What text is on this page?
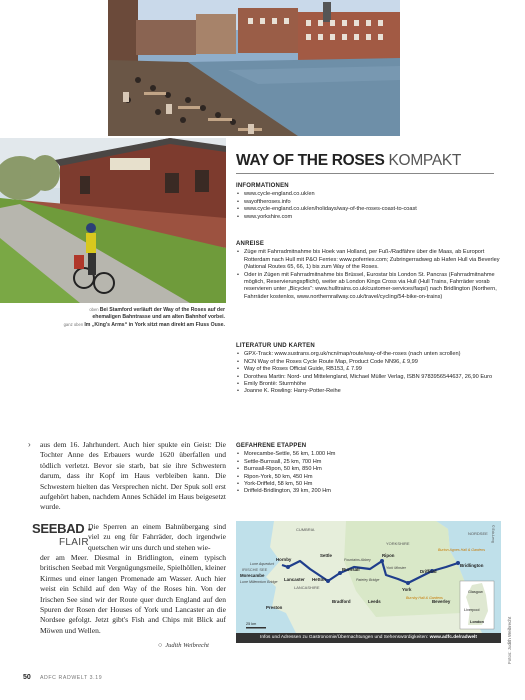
oben Bei Stamford verläuft der Way of the Roses auf der
ehemaligen Bahntrasse und am alten Bahnhof vorbei.
ganz oben Im „King's Arms“ in York sitzt man direkt am Fluss Ouse.
Fotos: Judith Weibrecht
WAY OF THE ROSES KOMPAKT
INFORMATIONEN
• www.cycle-england.co.uk/en
• wayoftheroses.info
• www.cycle-england.co.uk/en/holidays/way-of-the-roses-coast-to-coast
• www.yorkshire.com
ANREISE
• Züge mit Fahrradmitnahme bis Hoek van Holland, per Fuß-/Radfähre über die Maas, ab Europort Rotterdam nach Hull mit P&O Ferries: www.poferries.com; Zubringerradweg ab Hafen Hull via Beverley (National Routes 65, 66, 1) bis zum Way of the Roses.
• Oder in Zügen mit Fahrradmitnahme bis Brüssel, Eurostar bis London St. Pancras (Fahrradmitnahme möglich, Reservierungspflicht), weiter ab London Kings Cross via Hull (Hull Trains, Fahrräder vorab reservieren unter „Bicycles“: www.hulltrains.co.uk/customer-services/faqs/) nach Bridlington (Northern, Fahrräder kostenlos, www.northernrailway.co.uk/travel/cycling/54-bike-on-trains)
LITERATUR UND KARTEN
• GPX-Track: www.sustrans.org.uk/ncn/map/route/way-of-the-roses (nach unten scrollen)
• NCN Way of the Roses Cycle Route Map, Product Code NN96, £ 9,99
• Way of the Roses Official Guide, RB153, £ 7.99
• Dorothea Martin: Nord- und Mittelengland, Michael Müller Verlag, ISBN 9783956544637, 26,90 Euro
• Emily Brontë: Sturmhöhe
• Joanne K. Rowling: Harry-Potter-Reihe
GEFAHRENE ETAPPEN
• Morecambe-Settle, 56 km, 1.000 Hm
• Settle-Burnsall, 25 km, 700 Hm
• Burnsall-Ripon, 50 km, 850 Hm
• Ripon-York, 50 km, 450 Hm
• York-Driffeld, 58 km, 50 Hm
• Driffeld-Bridlington, 39 km, 200 Hm
› aus dem 16. Jahrhundert. Auch hier spukte ein Geist: Die Tochter Anne des Erbauers wurde 1620 überfallen und tödlich verletzt. Bevor sie starb, bat sie ihre Schwestern darum, dass ihr Kopf im Haus verbleiben kann. Die Schwestern hielten das Versprechen nicht. Der Spuk soll erst aufgehört haben, nachdem Annes Schädel im Haus beigesetzt wurde.
SEEBAD -
FLAIR
Die Sperren an einem Bahnübergang sind viel zu eng für Fahrräder, doch irgendwie quetschen wir uns durch und stehen wie-
der am Meer. Diesmal in Bridlington, einem typisch britischen Seebad mit Vergnügungsmeile, Spielhöllen, kleiner Kirmes und einer langen Promenade am Wasser. Auch hier weist ein Schild auf den Way of the Roses hin. Von der Irischen See sind wir der Route quer durch England auf den Spuren der Rosen der Houses of York und Lancaster an die Nordsee gefolgt. Jetzt gibt's Fish and Chips mit Blick auf Möwen und Wellen.
○ Judith Weibrecht
CUMBRIA
YORKSHIRE
NORDSEE
IRISCHE SEE
LANCASHIRE
Hornby
Morecambe
Lancaster
Settle
Burnsall
Hetton
Ripon
York
Driffield
Bridlington
Preston
Bradford	Leeds	Beverley
Lune Aqueduct
Lune Millennium Bridge
Fountains Abbey
Pateley Bridge
York Minster
Burton Agnes Hall & Gardens
Burnby Hall & Gardens
Glasgow
Liverpool
London
25 km
© Eck-Leng
Infos und Adressen zu Gastronomie/Übernachtungen und Sehenswürdigkeiten: www.adfc.de/radwelt
50 ADFC RADWELT 3.19
